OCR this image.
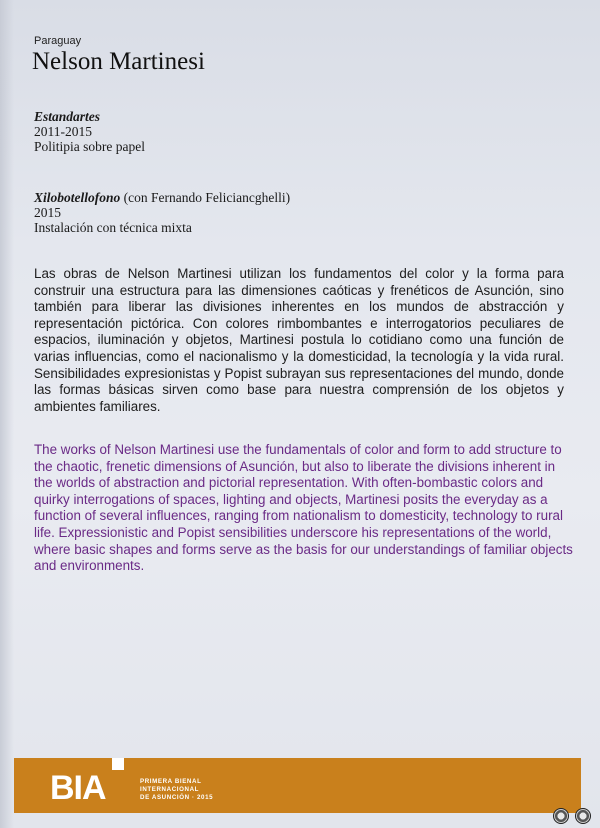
Paraguay
Nelson Martinesi
Estandartes
2011-2015
Politipia sobre papel
Xilobotellofono (con Fernando Feliciancghelli)
2015
Instalación con técnica mixta
Las obras de Nelson Martinesi utilizan los fundamentos del color y la forma para construir una estructura para las dimensiones caóticas y frenéticos de Asunción, sino también para liberar las divisiones inherentes en los mundos de abstracción y representación pictórica. Con colores rimbombantes e interrogatorios peculiares de espacios, iluminación y objetos, Martinesi postula lo cotidiano como una función de varias influencias, como el nacionalismo y la domesticidad, la tecnología y la vida rural. Sensibilidades expresionistas y Popist subrayan sus representaciones del mundo, donde las formas básicas sirven como base para nuestra comprensión de los objetos y ambientes familiares.
The works of Nelson Martinesi use the fundamentals of color and form to add structure to the chaotic, frenetic dimensions of Asunción, but also to liberate the divisions inherent in the worlds of abstraction and pictorial representation. With often-bombastic colors and quirky interrogations of spaces, lighting and objects, Martinesi posits the everyday as a function of several influences, ranging from nationalism to domesticity, technology to rural life. Expressionistic and Popist sensibilities underscore his representations of the world, where basic shapes and forms serve as the basis for our understandings of familiar objects and environments.
BIA	PRIMERA BIENAL
INTERNACIONAL
DE ASUNCIÓN · 2015
